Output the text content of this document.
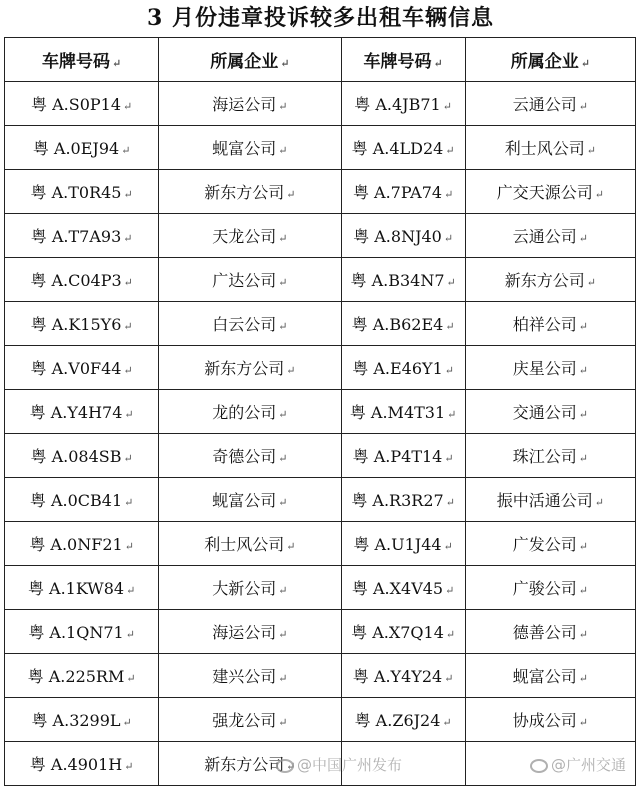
3 月份违章投诉较多出租车辆信息
车牌号码 ↵	所属企业 ↵	车牌号码 ↵	所属企业 ↵
粤 A.S0P14 ↵	海运公司 ↵	粤 A.4JB71 ↵	云通公司 ↵
粤 A.0EJ94 ↵	蚬富公司 ↵	粤 A.4LD24 ↵	利士风公司 ↵
粤 A.T0R45 ↵	新东方公司 ↵	粤 A.7PA74 ↵	广交天源公司 ↵
粤 A.T7A93 ↵	天龙公司 ↵	粤 A.8NJ40 ↵	云通公司 ↵
粤 A.C04P3 ↵	广达公司 ↵	粤 A.B34N7 ↵	新东方公司 ↵
粤 A.K15Y6 ↵	白云公司 ↵	粤 A.B62E4 ↵	柏祥公司 ↵
粤 A.V0F44 ↵	新东方公司 ↵	粤 A.E46Y1 ↵	庆星公司 ↵
粤 A.Y4H74 ↵	龙的公司 ↵	粤 A.M4T31 ↵	交通公司 ↵
粤 A.084SB ↵	奇德公司 ↵	粤 A.P4T14 ↵	珠江公司 ↵
粤 A.0CB41 ↵	蚬富公司 ↵	粤 A.R3R27 ↵	振中活通公司 ↵
粤 A.0NF21 ↵	利士风公司 ↵	粤 A.U1J44 ↵	广发公司 ↵
粤 A.1KW84 ↵	大新公司 ↵	粤 A.X4V45 ↵	广骏公司 ↵
粤 A.1QN71 ↵	海运公司 ↵	粤 A.X7Q14 ↵	德善公司 ↵
粤 A.225RM ↵	建兴公司 ↵	粤 A.Y4Y24 ↵	蚬富公司 ↵
粤 A.3299L ↵	强龙公司 ↵	粤 A.Z6J24 ↵	协成公司 ↵
粤 A.4901H ↵	新东方公司 ↵		@中国广州发布	@广州交通
